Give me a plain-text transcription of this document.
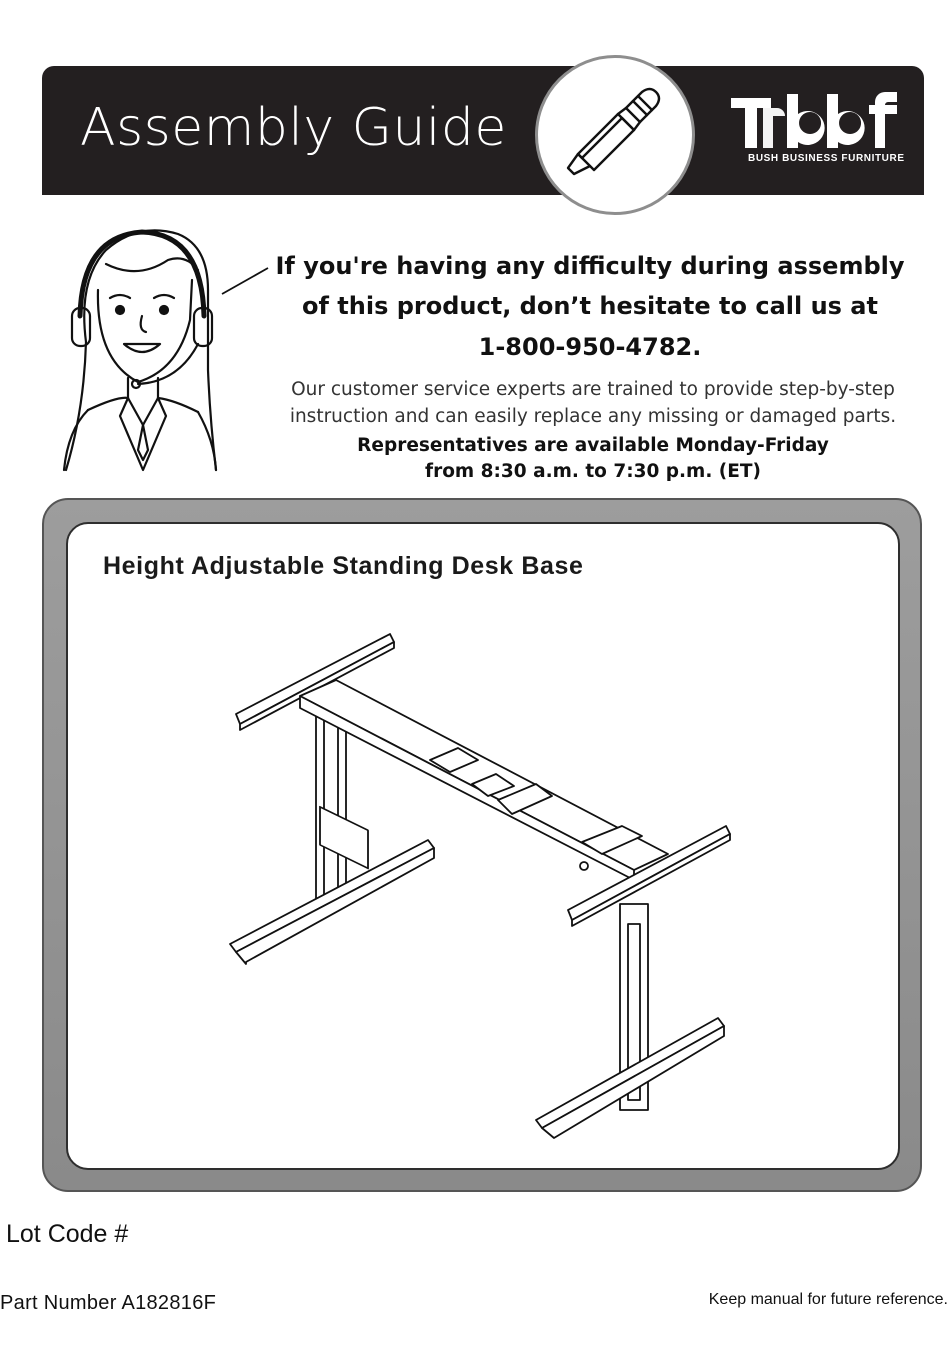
Assembly Guide
BUSH BUSINESS FURNITURE
If you're having any difficulty during assembly
of this product, don’t hesitate to call us at
1-800-950-4782.
Our customer service experts are trained to provide step-by-step
instruction and can easily replace any missing or damaged parts.
Representatives are available Monday-Friday
from 8:30 a.m. to 7:30 p.m. (ET)
Height Adjustable Standing Desk Base
Lot Code #
Part Number A182816F	Keep manual for future reference.
